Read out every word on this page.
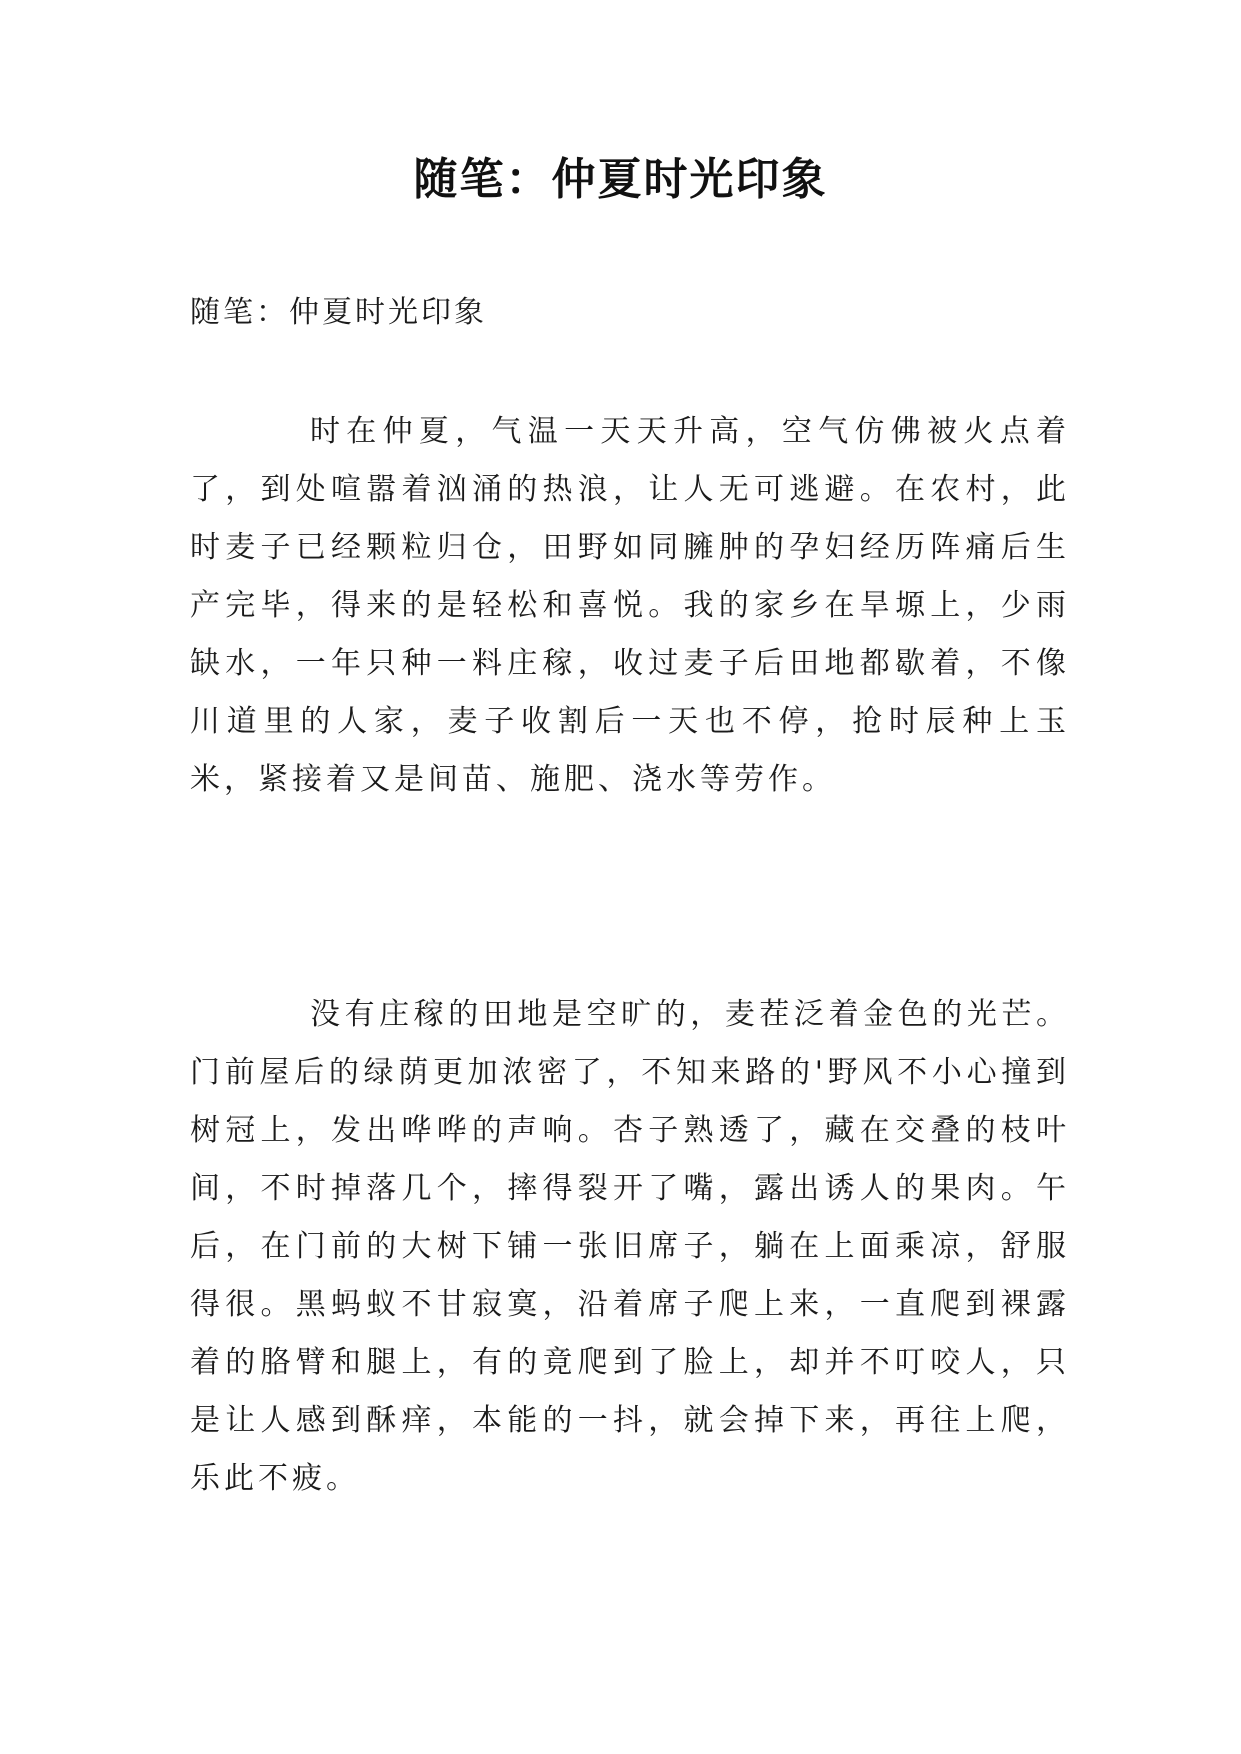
随笔：仲夏时光印象

随笔：仲夏时光印象

时在仲夏，气温一天天升高，空气仿佛被火点着了，到处喧嚣着汹涌的热浪，让人无可逃避。在农村，此时麦子已经颗粒归仓，田野如同臃肿的孕妇经历阵痛后生产完毕，得来的是轻松和喜悦。我的家乡在旱塬上，少雨缺水，一年只种一料庄稼，收过麦子后田地都歇着，不像川道里的人家，麦子收割后一天也不停，抢时辰种上玉米，紧接着又是间苗、施肥、浇水等劳作。

没有庄稼的田地是空旷的，麦茬泛着金色的光芒。门前屋后的绿荫更加浓密了，不知来路的'野风不小心撞到树冠上，发出哗哗的声响。杏子熟透了，藏在交叠的枝叶间，不时掉落几个，摔得裂开了嘴，露出诱人的果肉。午后，在门前的大树下铺一张旧席子，躺在上面乘凉，舒服得很。黑蚂蚁不甘寂寞，沿着席子爬上来，一直爬到裸露着的胳臂和腿上，有的竟爬到了脸上，却并不叮咬人，只是让人感到酥痒，本能的一抖，就会掉下来，再往上爬，乐此不疲。
